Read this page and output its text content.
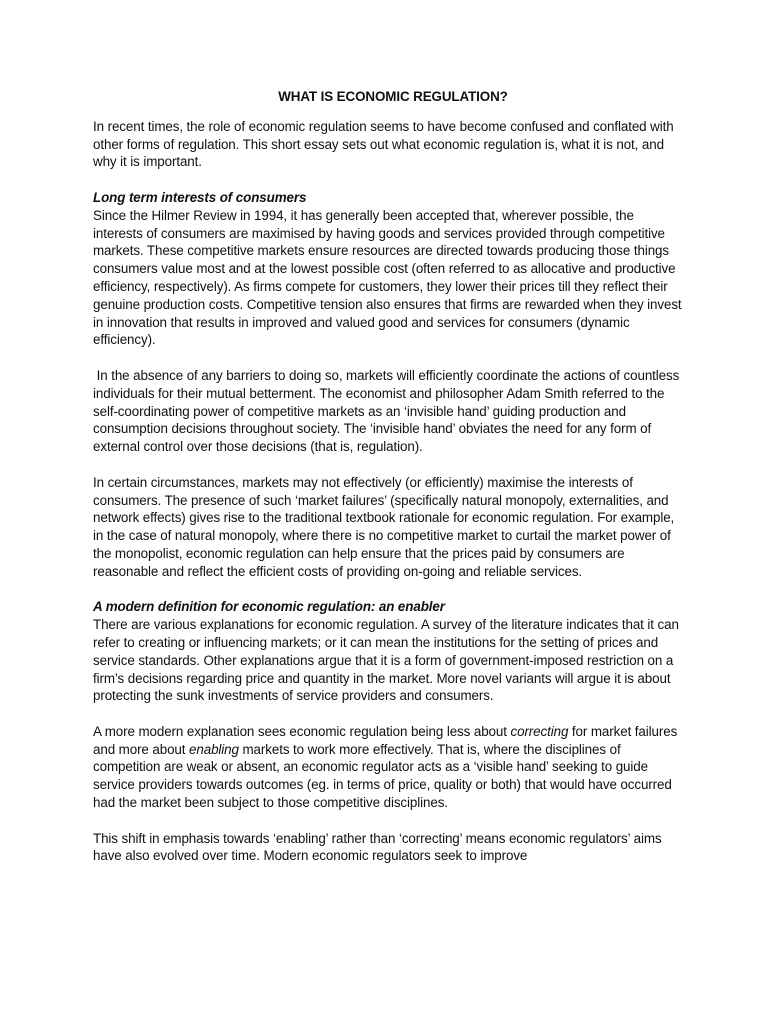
WHAT IS ECONOMIC REGULATION?

In recent times, the role of economic regulation seems to have become confused and conflated with other forms of regulation. This short essay sets out what economic regulation is, what it is not, and why it is important.

Long term interests of consumers

Since the Hilmer Review in 1994, it has generally been accepted that, wherever possible, the interests of consumers are maximised by having goods and services provided through competitive markets. These competitive markets ensure resources are directed towards producing those things consumers value most and at the lowest possible cost (often referred to as allocative and productive efficiency, respectively). As firms compete for customers, they lower their prices till they reflect their genuine production costs. Competitive tension also ensures that firms are rewarded when they invest in innovation that results in improved and valued good and services for consumers (dynamic efficiency).

In the absence of any barriers to doing so, markets will efficiently coordinate the actions of countless individuals for their mutual betterment. The economist and philosopher Adam Smith referred to the self-coordinating power of competitive markets as an ‘invisible hand’ guiding production and consumption decisions throughout society. The ‘invisible hand’ obviates the need for any form of external control over those decisions (that is, regulation).

In certain circumstances, markets may not effectively (or efficiently) maximise the interests of consumers. The presence of such ‘market failures’ (specifically natural monopoly, externalities, and network effects) gives rise to the traditional textbook rationale for economic regulation. For example, in the case of natural monopoly, where there is no competitive market to curtail the market power of the monopolist, economic regulation can help ensure that the prices paid by consumers are reasonable and reflect the efficient costs of providing on-going and reliable services.

A modern definition for economic regulation: an enabler

There are various explanations for economic regulation. A survey of the literature indicates that it can refer to creating or influencing markets; or it can mean the institutions for the setting of prices and service standards. Other explanations argue that it is a form of government-imposed restriction on a firm’s decisions regarding price and quantity in the market. More novel variants will argue it is about protecting the sunk investments of service providers and consumers.

A more modern explanation sees economic regulation being less about correcting for market failures and more about enabling markets to work more effectively. That is, where the disciplines of competition are weak or absent, an economic regulator acts as a ‘visible hand’ seeking to guide service providers towards outcomes (eg. in terms of price, quality or both) that would have occurred had the market been subject to those competitive disciplines.

This shift in emphasis towards ‘enabling’ rather than ‘correcting’ means economic regulators’ aims have also evolved over time. Modern economic regulators seek to improve
